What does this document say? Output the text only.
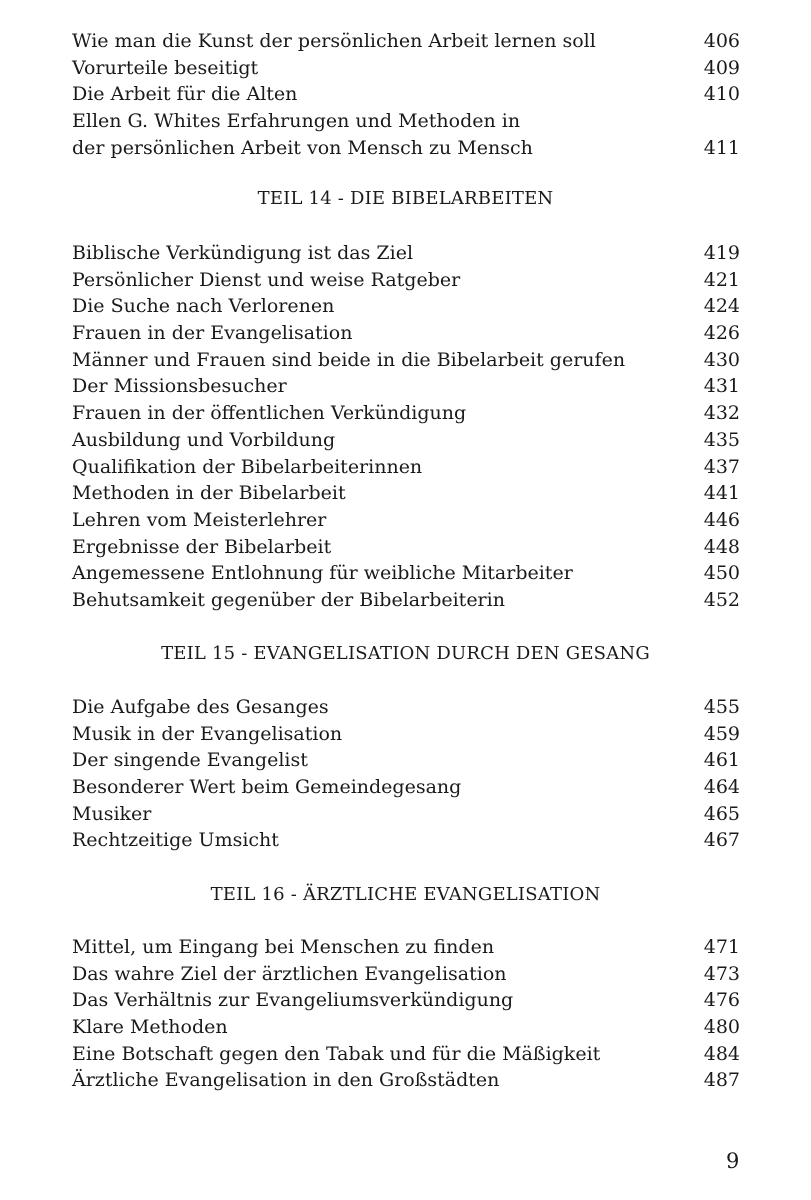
Wie man die Kunst der persönlichen Arbeit lernen soll	406
Vorurteile beseitigt	409
Die Arbeit für die Alten	410
Ellen G. Whites Erfahrungen und Methoden in
der persönlichen Arbeit von Mensch zu Mensch	411
TEIL 14 - DIE BIBELARBEITEN
Biblische Verkündigung ist das Ziel	419
Persönlicher Dienst und weise Ratgeber	421
Die Suche nach Verlorenen	424
Frauen in der Evangelisation	426
Männer und Frauen sind beide in die Bibelarbeit gerufen	430
Der Missionsbesucher	431
Frauen in der öffentlichen Verkündigung	432
Ausbildung und Vorbildung	435
Qualifikation der Bibelarbeiterinnen	437
Methoden in der Bibelarbeit	441
Lehren vom Meisterlehrer	446
Ergebnisse der Bibelarbeit	448
Angemessene Entlohnung für weibliche Mitarbeiter	450
Behutsamkeit gegenüber der Bibelarbeiterin	452
TEIL 15 - EVANGELISATION DURCH DEN GESANG
Die Aufgabe des Gesanges	455
Musik in der Evangelisation	459
Der singende Evangelist	461
Besonderer Wert beim Gemeindegesang	464
Musiker	465
Rechtzeitige Umsicht	467
TEIL 16 - ÄRZTLICHE EVANGELISATION
Mittel, um Eingang bei Menschen zu finden	471
Das wahre Ziel der ärztlichen Evangelisation	473
Das Verhältnis zur Evangeliumsverkündigung	476
Klare Methoden	480
Eine Botschaft gegen den Tabak und für die Mäßigkeit	484
Ärztliche Evangelisation in den Großstädten	487
9
